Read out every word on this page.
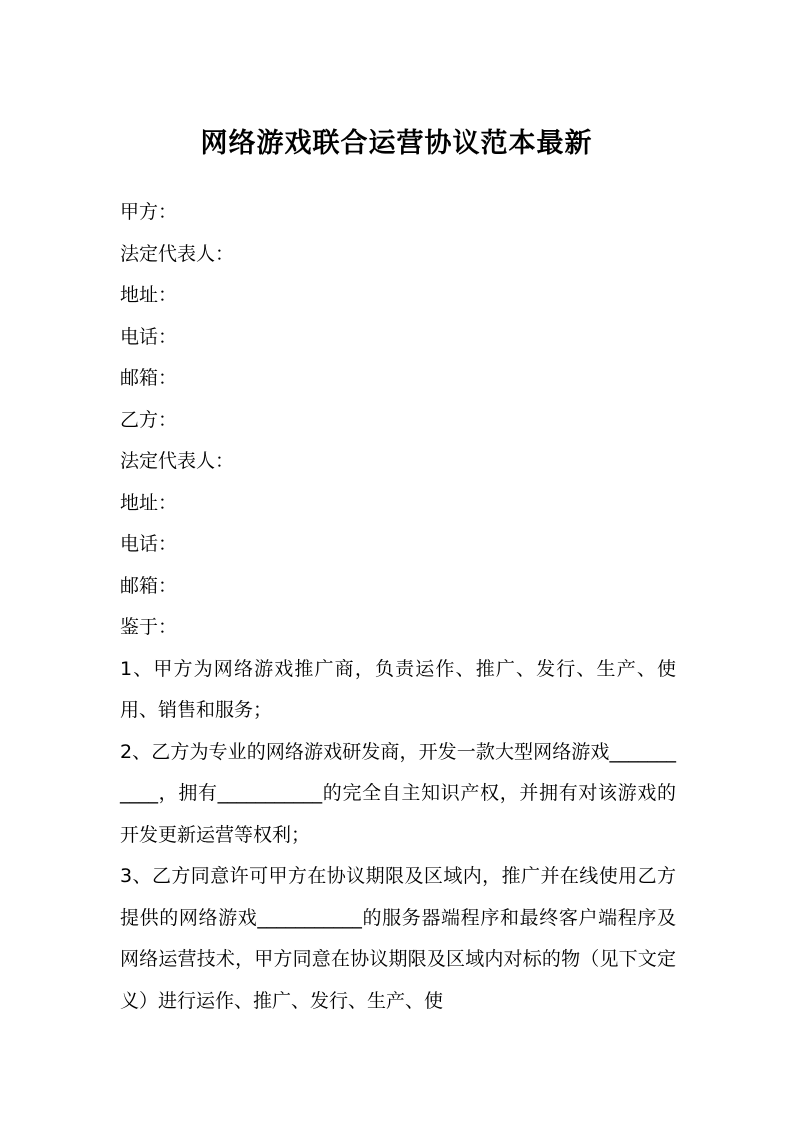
网络游戏联合运营协议范本最新
甲方：
法定代表人：
地址：
电话：
邮箱：
乙方：
法定代表人：
地址：
电话：
邮箱：
鉴于：

1、甲方为网络游戏推广商，负责运作、推广、发行、生产、使用、销售和服务；

2、乙方为专业的网络游戏研发商，开发一款大型网络游戏___________，拥有___________的完全自主知识产权，并拥有对该游戏的开发更新运营等权利；

3、乙方同意许可甲方在协议期限及区域内，推广并在线使用乙方提供的网络游戏___________的服务器端程序和最终客户端程序及网络运营技术，甲方同意在协议期限及区域内对标的物（见下文定义）进行运作、推广、发行、生产、使
